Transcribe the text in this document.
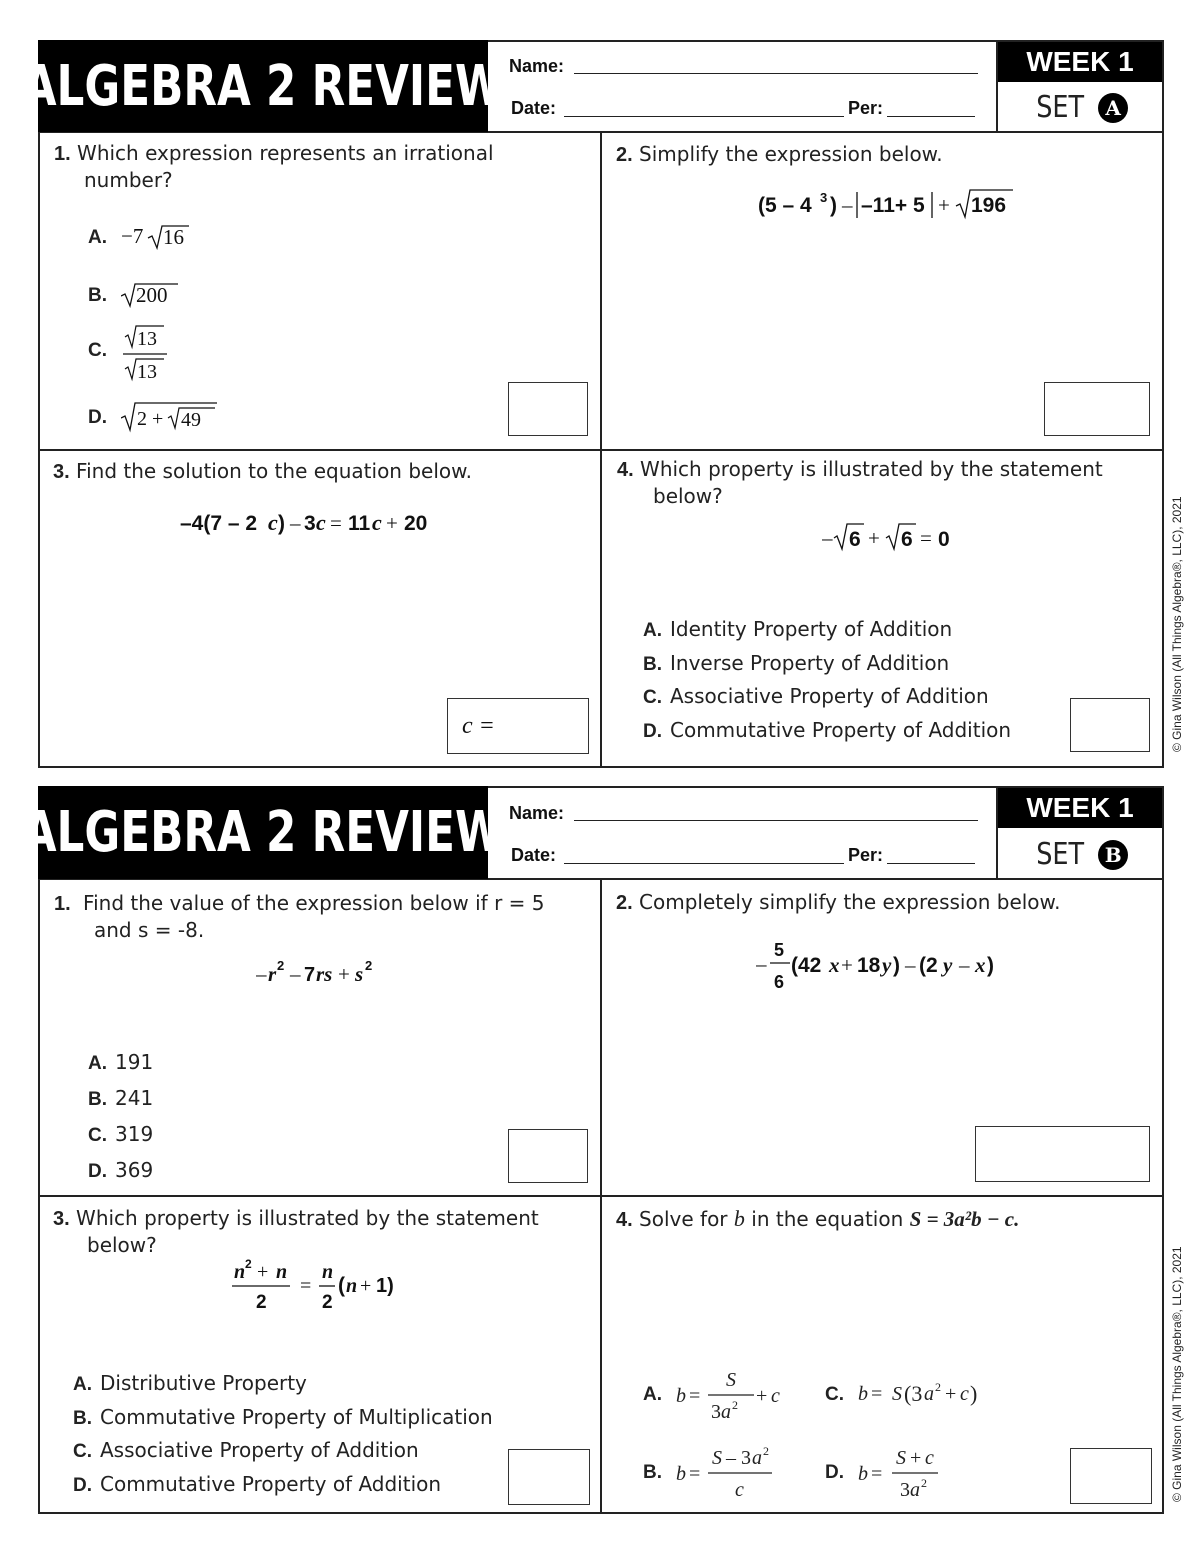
ALGEBRA 2 REVIEW Name:
Date:	Per:
WEEK 1
SET	A
1. Which expression represents an irrational
number?
A. −7 16
B. 200
C. 13
13
D. 2 + 49
2. Simplify the expression below.
(5 – 4 3 ) – –11+ 5 + 196
3. Find the solution to the equation below.
–4(7 – 2 c ) – 3 c = 11 c + 20
c =
4. Which property is illustrated by the statement
below?
– 6 + 6 = 0
A. Identity Property of Addition
B. Inverse Property of Addition
C. Associative Property of Addition
D. Commutative Property of Addition	© Gina Wilson (All Things Algebra®, LLC), 2021
ALGEBRA 2 REVIEW Name:
Date:	Per:
WEEK 1
SET	B
1. Find the value of the expression below if r = 5
and s = -8.
– r 2 – 7 rs + s 2
A. 191
B. 241
C. 319
D. 369
2. Completely simplify the expression below.
–
5
6
(42 x + 18 y ) – (2 y – x )
3. Which property is illustrated by the statement
below?
n 2 + n
2
=
n
2
( n + 1)
A. Distributive Property
B. Commutative Property of Multiplication
C. Associative Property of Addition
D. Commutative Property of Addition
4. Solve for b in the equation S = 3a²b − c.
A. b =
S
3 a 2 + c
B. b =
S – 3 a 2
c
C. b = S (3 a 2 + c )
D. b =
S + c
3 a 2	© Gina Wilson (All Things Algebra®, LLC), 2021
